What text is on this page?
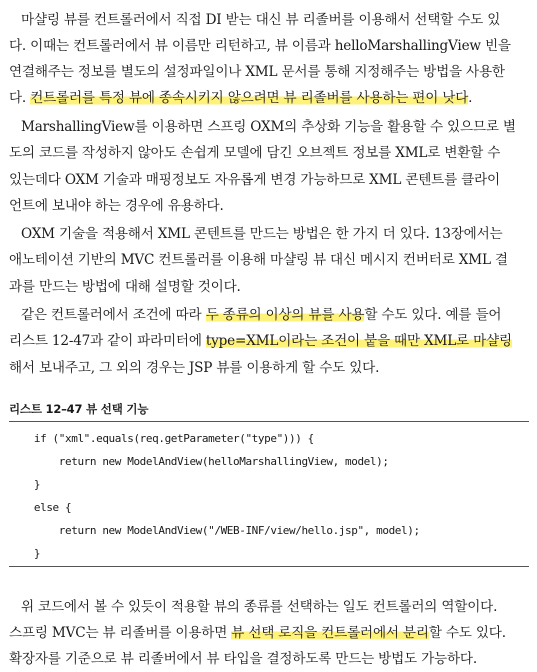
마샬링 뷰를 컨트롤러에서 직접 DI 받는 대신 뷰 리졸버를 이용해서 선택할 수도 있
다. 이때는 컨트롤러에서 뷰 이름만 리턴하고, 뷰 이름과 helloMarshallingView 빈을
연결해주는 정보를 별도의 설정파일이나 XML 문서를 통해 지정해주는 방법을 사용한
다. 컨트롤러를 특정 뷰에 종속시키지 않으려면 뷰 리졸버를 사용하는 편이 낫다.
MarshallingView를 이용하면 스프링 OXM의 추상화 기능을 활용할 수 있으므로 별
도의 코드를 작성하지 않아도 손쉽게 모델에 담긴 오브젝트 정보를 XML로 변환할 수
있는데다 OXM 기술과 매핑정보도 자유롭게 변경 가능하므로 XML 콘텐트를 클라이
언트에 보내야 하는 경우에 유용하다.
OXM 기술을 적용해서 XML 콘텐트를 만드는 방법은 한 가지 더 있다. 13장에서는
애노테이션 기반의 MVC 컨트롤러를 이용해 마샬링 뷰 대신 메시지 컨버터로 XML 결
과를 만드는 방법에 대해 설명할 것이다.
같은 컨트롤러에서 조건에 따라 두 종류의 이상의 뷰를 사용할 수도 있다. 예를 들어
리스트 12-47과 같이 파라미터에 type=XML이라는 조건이 붙을 때만 XML로 마샬링
해서 보내주고, 그 외의 경우는 JSP 뷰를 이용하게 할 수도 있다.
리스트 12–47 뷰 선택 기능
if ("xml".equals(req.getParameter("type"))) {
return new ModelAndView(helloMarshallingView, model);
}
else {
return new ModelAndView("/WEB-INF/view/hello.jsp", model);
}
위 코드에서 볼 수 있듯이 적용할 뷰의 종류를 선택하는 일도 컨트롤러의 역할이다.
스프링 MVC는 뷰 리졸버를 이용하면 뷰 선택 로직을 컨트롤러에서 분리할 수도 있다.
확장자를 기준으로 뷰 리졸버에서 뷰 타입을 결정하도록 만드는 방법도 가능하다.
